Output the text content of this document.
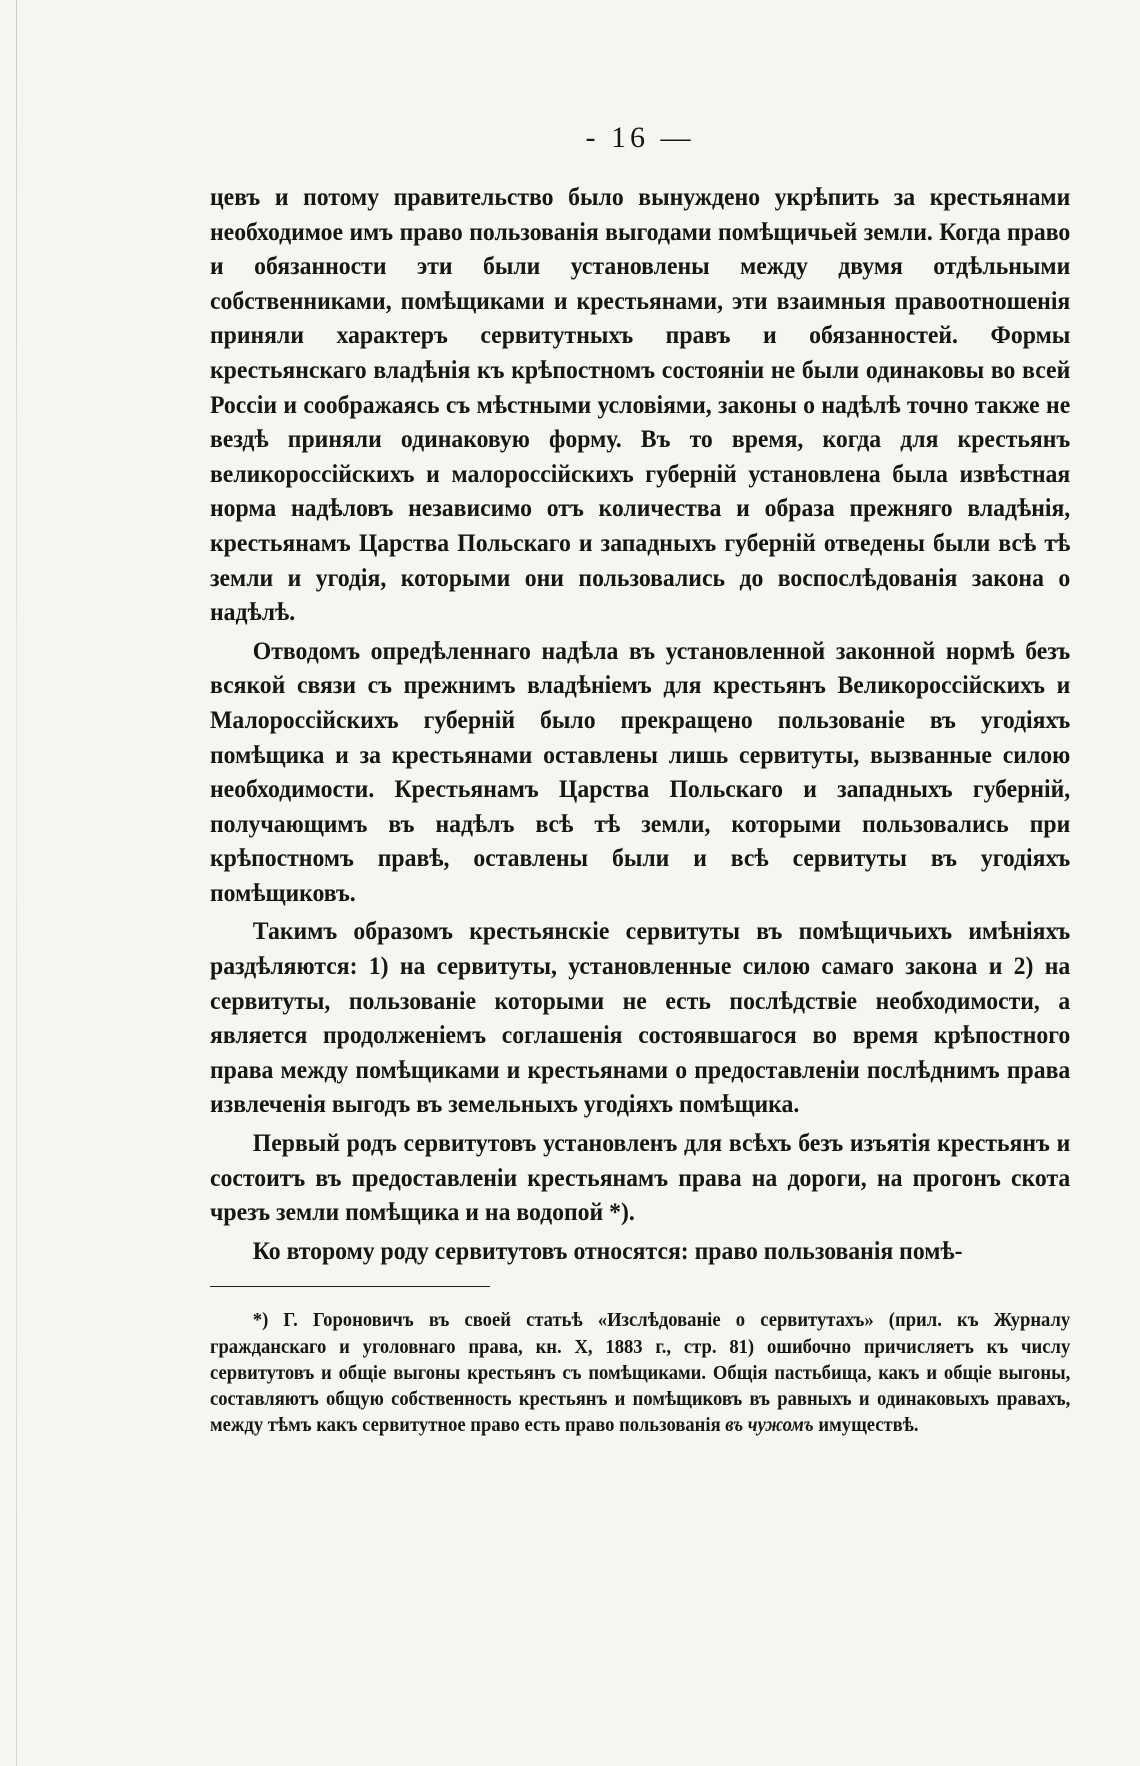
- 16 —

цевъ и потому правительство было вынуждено укрѣпить за крестьянами необходимое имъ право пользованія выгодами помѣщичьей земли. Когда право и обязанности эти были установлены между двумя отдѣльными собственниками, помѣщиками и крестьянами, эти взаимныя правоотношенія приняли характеръ сервитутныхъ правъ и обязанностей. Формы крестьянскаго владѣнія къ крѣпостномъ состояніи не были одинаковы во всей Россіи и соображаясь съ мѣстными условіями, законы о надѣлѣ точно также не вездѣ приняли одинаковую форму. Въ то время, когда для крестьянъ великороссійскихъ и малороссійскихъ губерній установлена была извѣстная норма надѣловъ независимо отъ количества и образа прежняго владѣнія, крестьянамъ Царства Польскаго и западныхъ губерній отведены были всѣ тѣ земли и угодія, которыми они пользовались до воспослѣдованія закона о надѣлѣ.

Отводомъ опредѣленнаго надѣла въ установленной законной нормѣ безъ всякой связи съ прежнимъ владѣніемъ для крестьянъ Великороссійскихъ и Малороссійскихъ губерній было прекращено пользованіе въ угодіяхъ помѣщика и за крестьянами оставлены лишь сервитуты, вызванные силою необходимости. Крестьянамъ Царства Польскаго и западныхъ губерній, получающимъ въ надѣлъ всѣ тѣ земли, которыми пользовались при крѣпостномъ правѣ, оставлены были и всѣ сервитуты въ угодіяхъ помѣщиковъ.

Такимъ образомъ крестьянскіе сервитуты въ помѣщичьихъ имѣніяхъ раздѣляются: 1) на сервитуты, установленные силою самаго закона и 2) на сервитуты, пользованіе которыми не есть послѣдствіе необходимости, а является продолженіемъ соглашенія состоявшагося во время крѣпостного права между помѣщиками и крестьянами о предоставленіи послѣднимъ права извлеченія выгодъ въ земельныхъ угодіяхъ помѣщика.

Первый родъ сервитутовъ установленъ для всѣхъ безъ изъятія крестьянъ и состоитъ въ предоставленіи крестьянамъ права на дороги, на прогонъ скота чрезъ земли помѣщика и на водопой *).

Ко второму роду сервитутовъ относятся: право пользованія помѣ-

*) Г. Гороновичъ въ своей статьѣ «Изслѣдованіе о сервитутахъ» (прил. къ Журналу гражданскаго и уголовнаго права, кн. X, 1883 г., стр. 81) ошибочно причисляетъ къ числу сервитутовъ и общіе выгоны крестьянъ съ помѣщиками. Общія пастьбища, какъ и общіе выгоны, составляютъ общую собственность крестьянъ и помѣщиковъ въ равныхъ и одинаковыхъ правахъ, между тѣмъ какъ сервитутное право есть право пользованія въ чужомъ имуществѣ.
